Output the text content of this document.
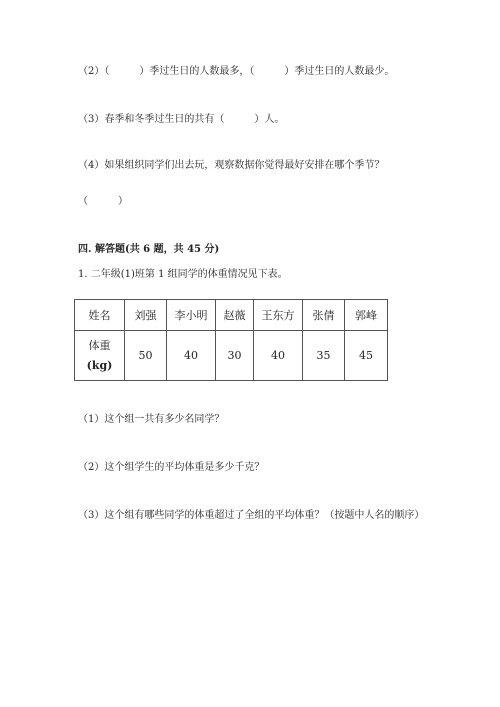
（2）（　　　）季过生日的人数最多，（　　　）季过生日的人数最少。
（3）春季和冬季过生日的共有（　　　）人。
（4）如果组织同学们出去玩，观察数据你觉得最好安排在哪个季节？
（　　　）
四. 解答题(共 6 题，共 45 分)
1. 二年级(1)班第 1 组同学的体重情况见下表。
姓名	刘强	李小明	赵薇	王东方	张倩	郭峰

体重
(kg)	50	40	30	40	35	45
（1）这个组一共有多少名同学？
（2）这个组学生的平均体重是多少千克？
（3）这个组有哪些同学的体重超过了全组的平均体重？（按题中人名的顺序）
